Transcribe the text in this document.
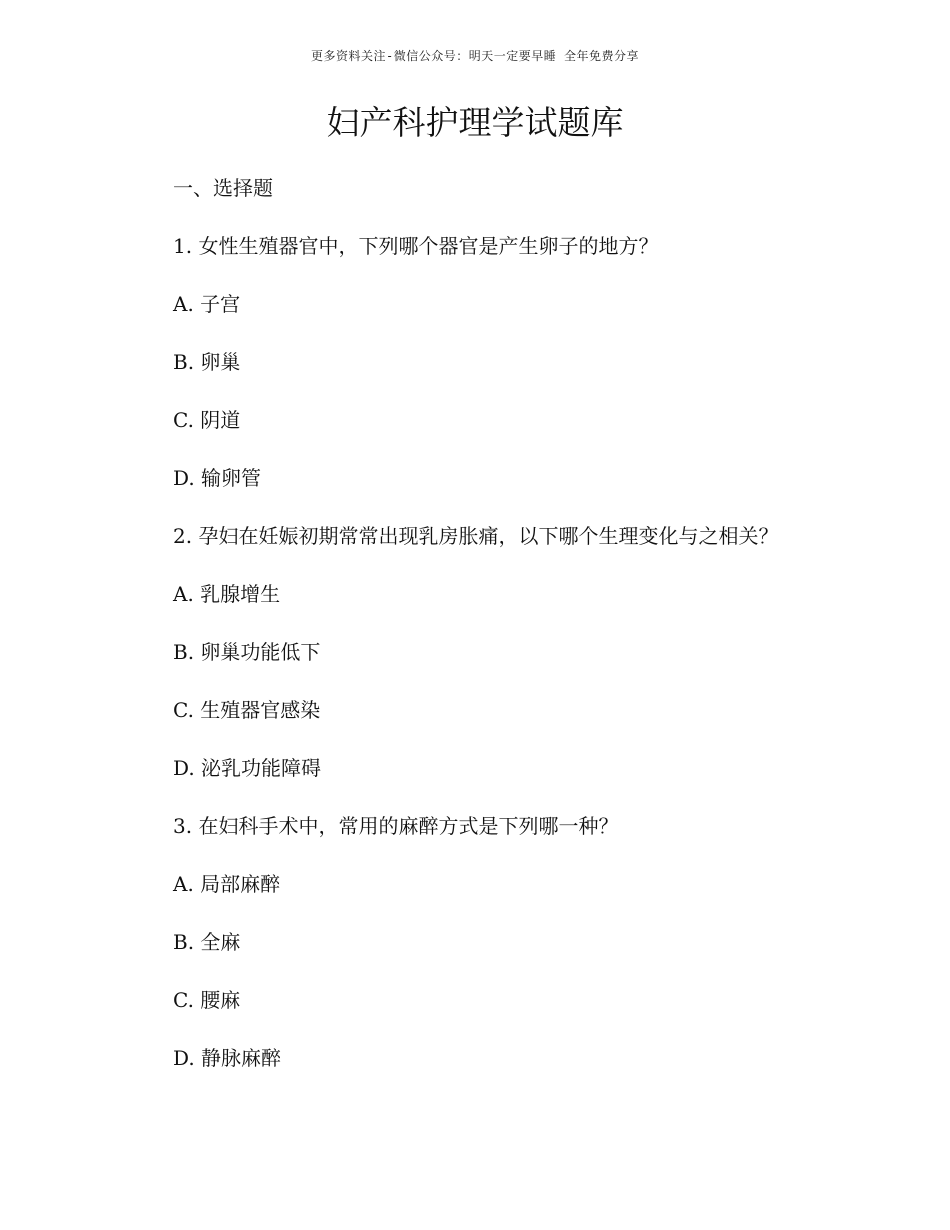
更多资料关注-微信公众号：明天一定要早睡 全年免费分享
妇产科护理学试题库
一、选择题
1. 女性生殖器官中，下列哪个器官是产生卵子的地方？
A. 子宫
B. 卵巢
C. 阴道
D. 输卵管
2. 孕妇在妊娠初期常常出现乳房胀痛，以下哪个生理变化与之相关？
A. 乳腺增生
B. 卵巢功能低下
C. 生殖器官感染
D. 泌乳功能障碍
3. 在妇科手术中，常用的麻醉方式是下列哪一种？
A. 局部麻醉
B. 全麻
C. 腰麻
D. 静脉麻醉
